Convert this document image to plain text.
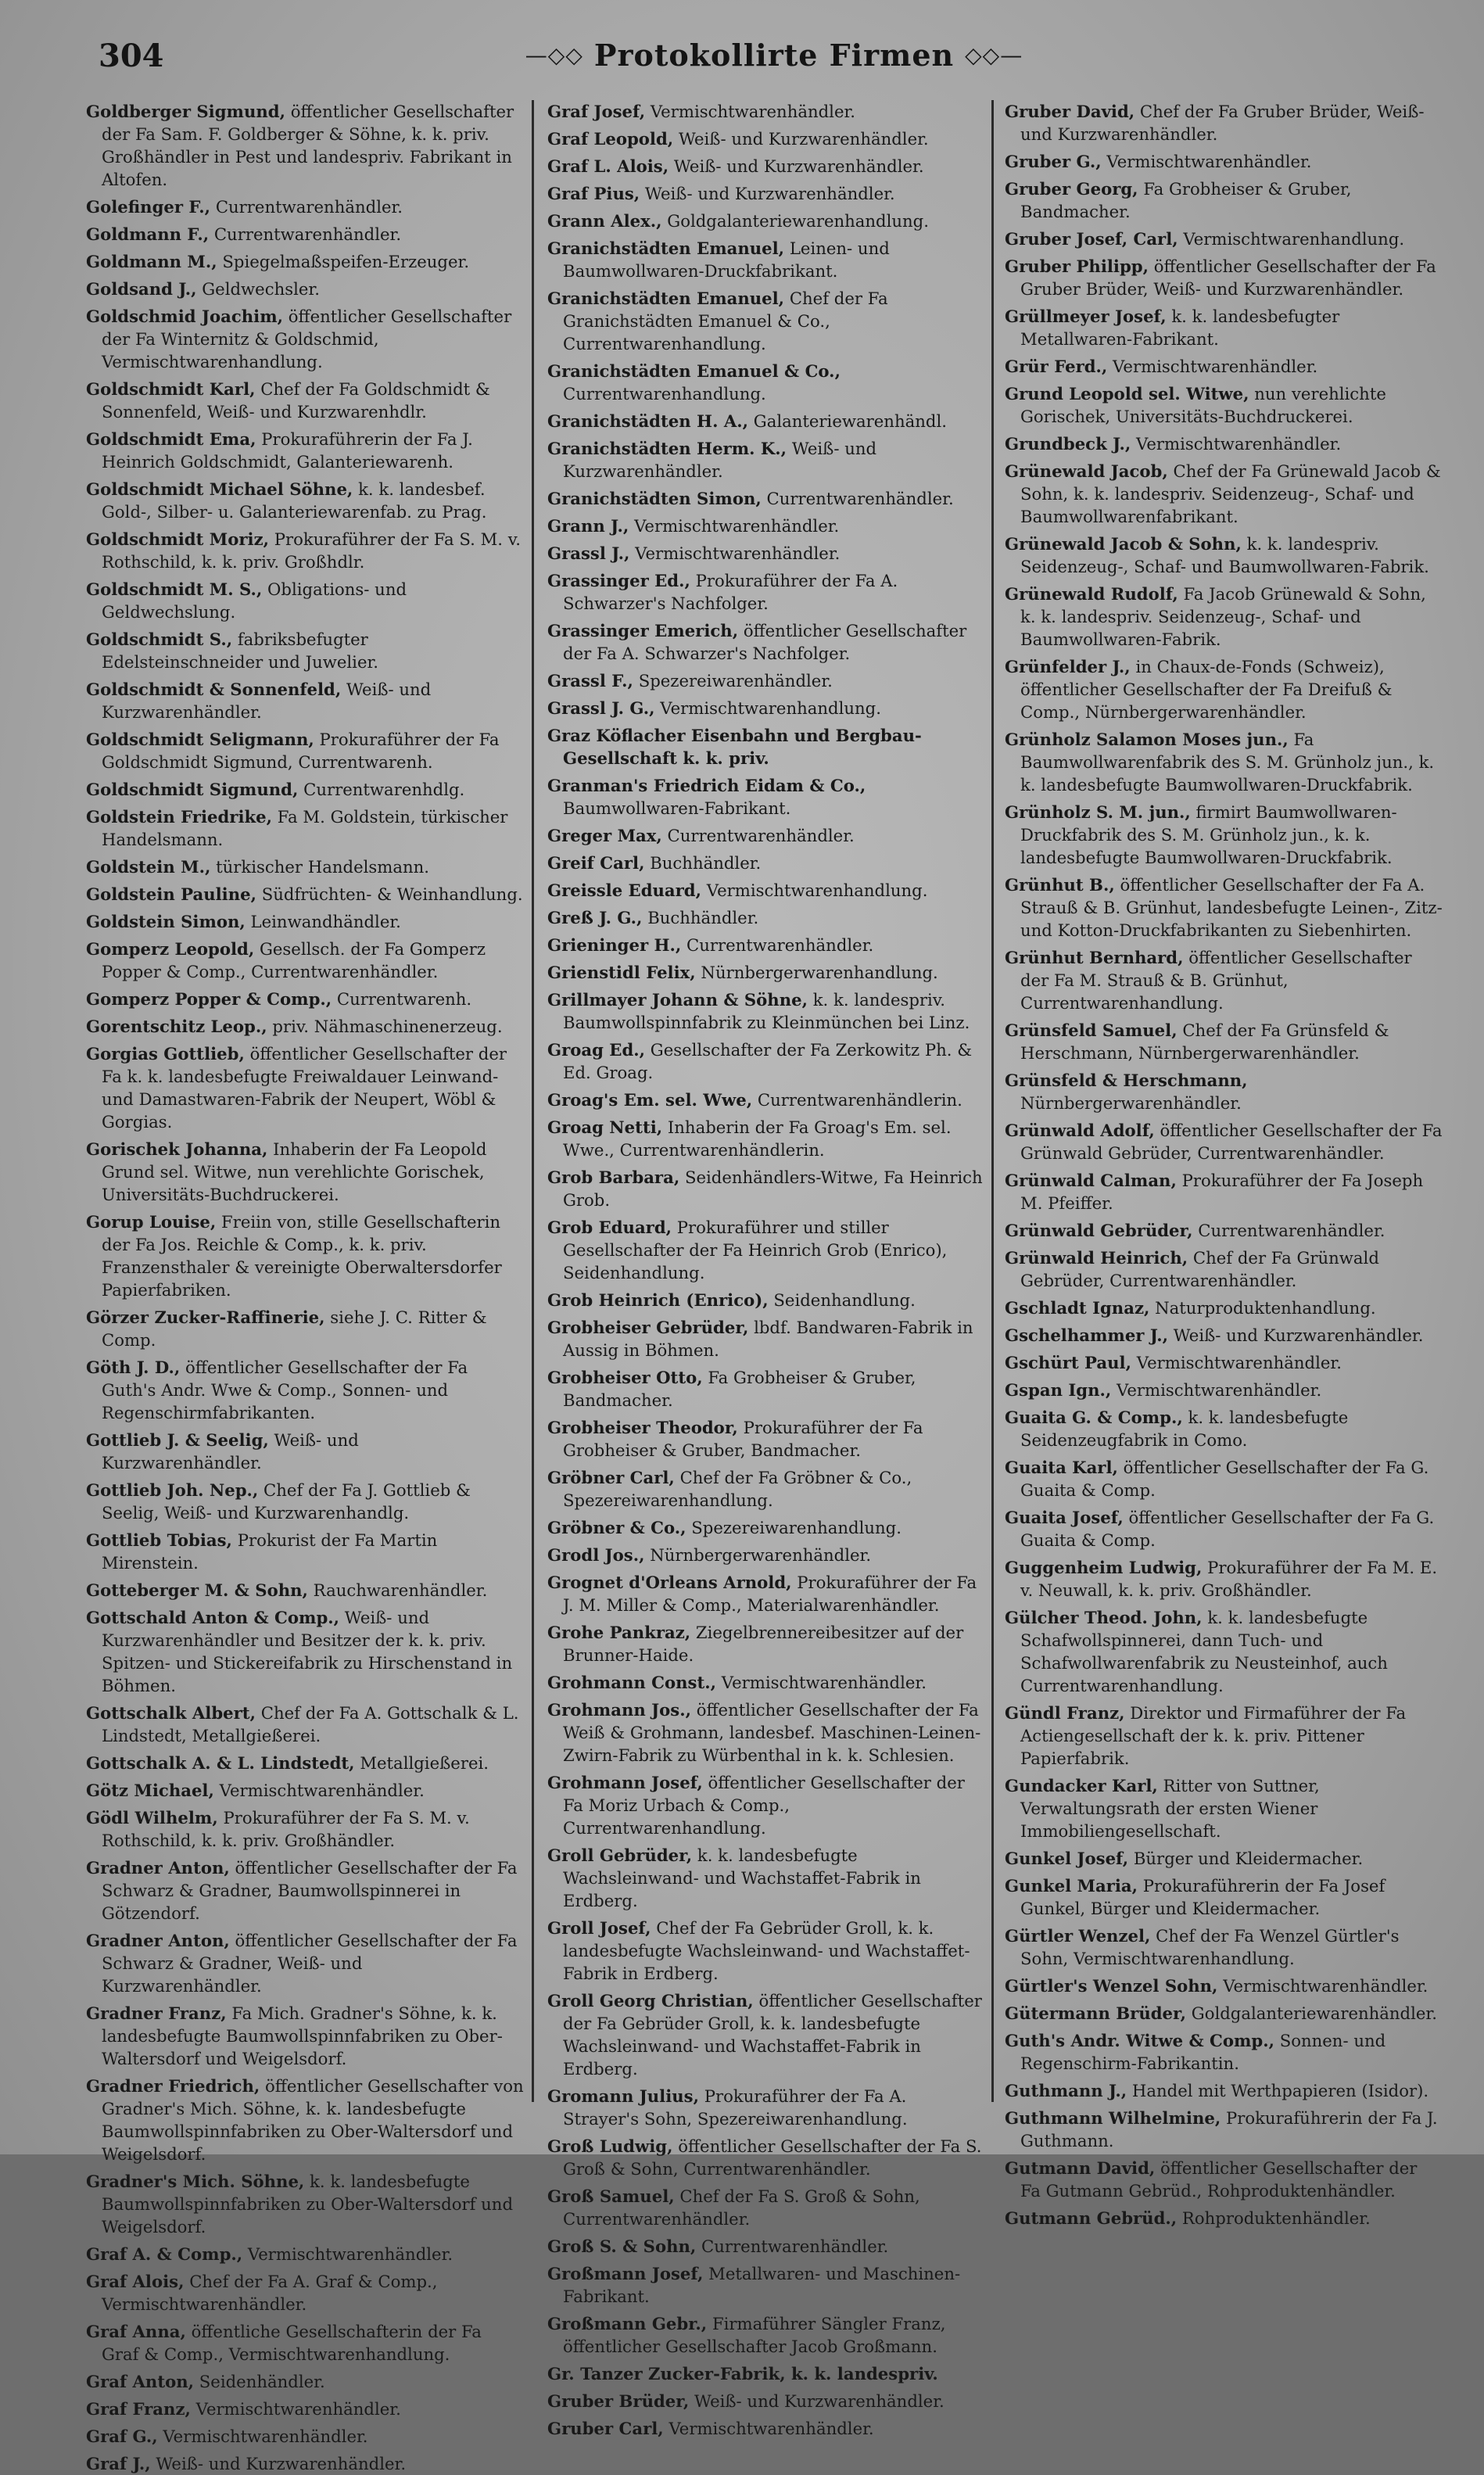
304	—◇◇ Protokollirte Firmen ◇◇—

Goldberger Sigmund, öffentlicher Gesellschafter der Fa Sam. F. Goldberger & Söhne, k. k. priv. Großhändler in Pest und landespriv. Fabrikant in Altofen.

Golefinger F., Currentwarenhändler.

Goldmann F., Currentwarenhändler.

Goldmann M., Spiegelmaßspeifen-Erzeuger.

Goldsand J., Geldwechsler.

Goldschmid Joachim, öffentlicher Gesellschafter der Fa Winternitz & Goldschmid, Vermischtwarenhandlung.

Goldschmidt Karl, Chef der Fa Goldschmidt & Sonnenfeld, Weiß- und Kurzwarenhdlr.

Goldschmidt Ema, Prokuraführerin der Fa J. Heinrich Goldschmidt, Galanteriewarenh.

Goldschmidt Michael Söhne, k. k. landesbef. Gold-, Silber- u. Galanteriewarenfab. zu Prag.

Goldschmidt Moriz, Prokuraführer der Fa S. M. v. Rothschild, k. k. priv. Großhdlr.

Goldschmidt M. S., Obligations- und Geldwechslung.

Goldschmidt S., fabriksbefugter Edelsteinschneider und Juwelier.

Goldschmidt & Sonnenfeld, Weiß- und Kurzwarenhändler.

Goldschmidt Seligmann, Prokuraführer der Fa Goldschmidt Sigmund, Currentwarenh.

Goldschmidt Sigmund, Currentwarenhdlg.

Goldstein Friedrike, Fa M. Goldstein, türkischer Handelsmann.

Goldstein M., türkischer Handelsmann.

Goldstein Pauline, Südfrüchten- & Weinhandlung.

Goldstein Simon, Leinwandhändler.

Gomperz Leopold, Gesellsch. der Fa Gomperz Popper & Comp., Currentwarenhändler.

Gomperz Popper & Comp., Currentwarenh.

Gorentschitz Leop., priv. Nähmaschinenerzeug.

Gorgias Gottlieb, öffentlicher Gesellschafter der Fa k. k. landesbefugte Freiwaldauer Leinwand- und Damastwaren-Fabrik der Neupert, Wöbl & Gorgias.

Gorischek Johanna, Inhaberin der Fa Leopold Grund sel. Witwe, nun verehlichte Gorischek, Universitäts-Buchdruckerei.

Gorup Louise, Freiin von, stille Gesellschafterin der Fa Jos. Reichle & Comp., k. k. priv. Franzensthaler & vereinigte Oberwaltersdorfer Papierfabriken.

Görzer Zucker-Raffinerie, siehe J. C. Ritter & Comp.

Göth J. D., öffentlicher Gesellschafter der Fa Guth's Andr. Wwe & Comp., Sonnen- und Regenschirmfabrikanten.

Gottlieb J. & Seelig, Weiß- und Kurzwarenhändler.

Gottlieb Joh. Nep., Chef der Fa J. Gottlieb & Seelig, Weiß- und Kurzwarenhandlg.

Gottlieb Tobias, Prokurist der Fa Martin Mirenstein.

Gotteberger M. & Sohn, Rauchwarenhändler.

Gottschald Anton & Comp., Weiß- und Kurzwarenhändler und Besitzer der k. k. priv. Spitzen- und Stickereifabrik zu Hirschenstand in Böhmen.

Gottschalk Albert, Chef der Fa A. Gottschalk & L. Lindstedt, Metallgießerei.

Gottschalk A. & L. Lindstedt, Metallgießerei.

Götz Michael, Vermischtwarenhändler.

Gödl Wilhelm, Prokuraführer der Fa S. M. v. Rothschild, k. k. priv. Großhändler.

Gradner Anton, öffentlicher Gesellschafter der Fa Schwarz & Gradner, Baumwollspinnerei in Götzendorf.

Gradner Anton, öffentlicher Gesellschafter der Fa Schwarz & Gradner, Weiß- und Kurzwarenhändler.

Gradner Franz, Fa Mich. Gradner's Söhne, k. k. landesbefugte Baumwollspinnfabriken zu Ober-Waltersdorf und Weigelsdorf.

Gradner Friedrich, öffentlicher Gesellschafter von Gradner's Mich. Söhne, k. k. landesbefugte Baumwollspinnfabriken zu Ober-Waltersdorf und Weigelsdorf.

Gradner's Mich. Söhne, k. k. landesbefugte Baumwollspinnfabriken zu Ober-Waltersdorf und Weigelsdorf.

Graf A. & Comp., Vermischtwarenhändler.

Graf Alois, Chef der Fa A. Graf & Comp., Vermischtwarenhändler.

Graf Anna, öffentliche Gesellschafterin der Fa Graf & Comp., Vermischtwarenhandlung.

Graf Anton, Seidenhändler.

Graf Franz, Vermischtwarenhändler.

Graf G., Vermischtwarenhändler.

Graf J., Weiß- und Kurzwarenhändler.

Graf Josef, Vermischtwarenhändler.

Graf Leopold, Weiß- und Kurzwarenhändler.

Graf L. Alois, Weiß- und Kurzwarenhändler.

Graf Pius, Weiß- und Kurzwarenhändler.

Grann Alex., Goldgalanteriewarenhandlung.

Granichstädten Emanuel, Leinen- und Baumwollwaren-Druckfabrikant.

Granichstädten Emanuel, Chef der Fa Granichstädten Emanuel & Co., Currentwarenhandlung.

Granichstädten Emanuel & Co., Currentwarenhandlung.

Granichstädten H. A., Galanteriewarenhändl.

Granichstädten Herm. K., Weiß- und Kurzwarenhändler.

Granichstädten Simon, Currentwarenhändler.

Grann J., Vermischtwarenhändler.

Grassl J., Vermischtwarenhändler.

Grassinger Ed., Prokuraführer der Fa A. Schwarzer's Nachfolger.

Grassinger Emerich, öffentlicher Gesellschafter der Fa A. Schwarzer's Nachfolger.

Grassl F., Spezereiwarenhändler.

Grassl J. G., Vermischtwarenhandlung.

Graz Köflacher Eisenbahn und Bergbau-Gesellschaft k. k. priv.

Granman's Friedrich Eidam & Co., Baumwollwaren-Fabrikant.

Greger Max, Currentwarenhändler.

Greif Carl, Buchhändler.

Greissle Eduard, Vermischtwarenhandlung.

Greß J. G., Buchhändler.

Grieninger H., Currentwarenhändler.

Grienstidl Felix, Nürnbergerwarenhandlung.

Grillmayer Johann & Söhne, k. k. landespriv. Baumwollspinnfabrik zu Kleinmünchen bei Linz.

Groag Ed., Gesellschafter der Fa Zerkowitz Ph. & Ed. Groag.

Groag's Em. sel. Wwe, Currentwarenhändlerin.

Groag Netti, Inhaberin der Fa Groag's Em. sel. Wwe., Currentwarenhändlerin.

Grob Barbara, Seidenhändlers-Witwe, Fa Heinrich Grob.

Grob Eduard, Prokuraführer und stiller Gesellschafter der Fa Heinrich Grob (Enrico), Seidenhandlung.

Grob Heinrich (Enrico), Seidenhandlung.

Grobheiser Gebrüder, lbdf. Bandwaren-Fabrik in Aussig in Böhmen.

Grobheiser Otto, Fa Grobheiser & Gruber, Bandmacher.

Grobheiser Theodor, Prokuraführer der Fa Grobheiser & Gruber, Bandmacher.

Gröbner Carl, Chef der Fa Gröbner & Co., Spezereiwarenhandlung.

Gröbner & Co., Spezereiwarenhandlung.

Grodl Jos., Nürnbergerwarenhändler.

Grognet d'Orleans Arnold, Prokuraführer der Fa J. M. Miller & Comp., Materialwarenhändler.

Grohe Pankraz, Ziegelbrennereibesitzer auf der Brunner-Haide.

Grohmann Const., Vermischtwarenhändler.

Grohmann Jos., öffentlicher Gesellschafter der Fa Weiß & Grohmann, landesbef. Maschinen-Leinen-Zwirn-Fabrik zu Würbenthal in k. k. Schlesien.

Grohmann Josef, öffentlicher Gesellschafter der Fa Moriz Urbach & Comp., Currentwarenhandlung.

Groll Gebrüder, k. k. landesbefugte Wachsleinwand- und Wachstaffet-Fabrik in Erdberg.

Groll Josef, Chef der Fa Gebrüder Groll, k. k. landesbefugte Wachsleinwand- und Wachstaffet-Fabrik in Erdberg.

Groll Georg Christian, öffentlicher Gesellschafter der Fa Gebrüder Groll, k. k. landesbefugte Wachsleinwand- und Wachstaffet-Fabrik in Erdberg.

Gromann Julius, Prokuraführer der Fa A. Strayer's Sohn, Spezereiwarenhandlung.

Groß Ludwig, öffentlicher Gesellschafter der Fa S. Groß & Sohn, Currentwarenhändler.

Groß Samuel, Chef der Fa S. Groß & Sohn, Currentwarenhändler.

Groß S. & Sohn, Currentwarenhändler.

Großmann Josef, Metallwaren- und Maschinen-Fabrikant.

Großmann Gebr., Firmaführer Sängler Franz, öffentlicher Gesellschafter Jacob Großmann.

Gr. Tanzer Zucker-Fabrik, k. k. landespriv.

Gruber Brüder, Weiß- und Kurzwarenhändler.

Gruber Carl, Vermischtwarenhändler.

Gruber David, Chef der Fa Gruber Brüder, Weiß- und Kurzwarenhändler.

Gruber G., Vermischtwarenhändler.

Gruber Georg, Fa Grobheiser & Gruber, Bandmacher.

Gruber Josef, Carl, Vermischtwarenhandlung.

Gruber Philipp, öffentlicher Gesellschafter der Fa Gruber Brüder, Weiß- und Kurzwarenhändler.

Grüllmeyer Josef, k. k. landesbefugter Metallwaren-Fabrikant.

Grür Ferd., Vermischtwarenhändler.

Grund Leopold sel. Witwe, nun verehlichte Gorischek, Universitäts-Buchdruckerei.

Grundbeck J., Vermischtwarenhändler.

Grünewald Jacob, Chef der Fa Grünewald Jacob & Sohn, k. k. landespriv. Seidenzeug-, Schaf- und Baumwollwarenfabrikant.

Grünewald Jacob & Sohn, k. k. landespriv. Seidenzeug-, Schaf- und Baumwollwaren-Fabrik.

Grünewald Rudolf, Fa Jacob Grünewald & Sohn, k. k. landespriv. Seidenzeug-, Schaf- und Baumwollwaren-Fabrik.

Grünfelder J., in Chaux-de-Fonds (Schweiz), öffentlicher Gesellschafter der Fa Dreifuß & Comp., Nürnbergerwarenhändler.

Grünholz Salamon Moses jun., Fa Baumwollwarenfabrik des S. M. Grünholz jun., k. k. landesbefugte Baumwollwaren-Druckfabrik.

Grünholz S. M. jun., firmirt Baumwollwaren-Druckfabrik des S. M. Grünholz jun., k. k. landesbefugte Baumwollwaren-Druckfabrik.

Grünhut B., öffentlicher Gesellschafter der Fa A. Strauß & B. Grünhut, landesbefugte Leinen-, Zitz- und Kotton-Druckfabrikanten zu Siebenhirten.

Grünhut Bernhard, öffentlicher Gesellschafter der Fa M. Strauß & B. Grünhut, Currentwarenhandlung.

Grünsfeld Samuel, Chef der Fa Grünsfeld & Herschmann, Nürnbergerwarenhändler.

Grünsfeld & Herschmann, Nürnbergerwarenhändler.

Grünwald Adolf, öffentlicher Gesellschafter der Fa Grünwald Gebrüder, Currentwarenhändler.

Grünwald Calman, Prokuraführer der Fa Joseph M. Pfeiffer.

Grünwald Gebrüder, Currentwarenhändler.

Grünwald Heinrich, Chef der Fa Grünwald Gebrüder, Currentwarenhändler.

Gschladt Ignaz, Naturproduktenhandlung.

Gschelhammer J., Weiß- und Kurzwarenhändler.

Gschürt Paul, Vermischtwarenhändler.

Gspan Ign., Vermischtwarenhändler.

Guaita G. & Comp., k. k. landesbefugte Seidenzeugfabrik in Como.

Guaita Karl, öffentlicher Gesellschafter der Fa G. Guaita & Comp.

Guaita Josef, öffentlicher Gesellschafter der Fa G. Guaita & Comp.

Guggenheim Ludwig, Prokuraführer der Fa M. E. v. Neuwall, k. k. priv. Großhändler.

Gülcher Theod. John, k. k. landesbefugte Schafwollspinnerei, dann Tuch- und Schafwollwarenfabrik zu Neusteinhof, auch Currentwarenhandlung.

Gündl Franz, Direktor und Firmaführer der Fa Actiengesellschaft der k. k. priv. Pittener Papierfabrik.

Gundacker Karl, Ritter von Suttner, Verwaltungsrath der ersten Wiener Immobiliengesellschaft.

Gunkel Josef, Bürger und Kleidermacher.

Gunkel Maria, Prokuraführerin der Fa Josef Gunkel, Bürger und Kleidermacher.

Gürtler Wenzel, Chef der Fa Wenzel Gürtler's Sohn, Vermischtwarenhandlung.

Gürtler's Wenzel Sohn, Vermischtwarenhändler.

Gütermann Brüder, Goldgalanteriewarenhändler.

Guth's Andr. Witwe & Comp., Sonnen- und Regenschirm-Fabrikantin.

Guthmann J., Handel mit Werthpapieren (Isidor).

Guthmann Wilhelmine, Prokuraführerin der Fa J. Guthmann.

Gutmann David, öffentlicher Gesellschafter der Fa Gutmann Gebrüd., Rohproduktenhändler.

Gutmann Gebrüd., Rohproduktenhändler.
